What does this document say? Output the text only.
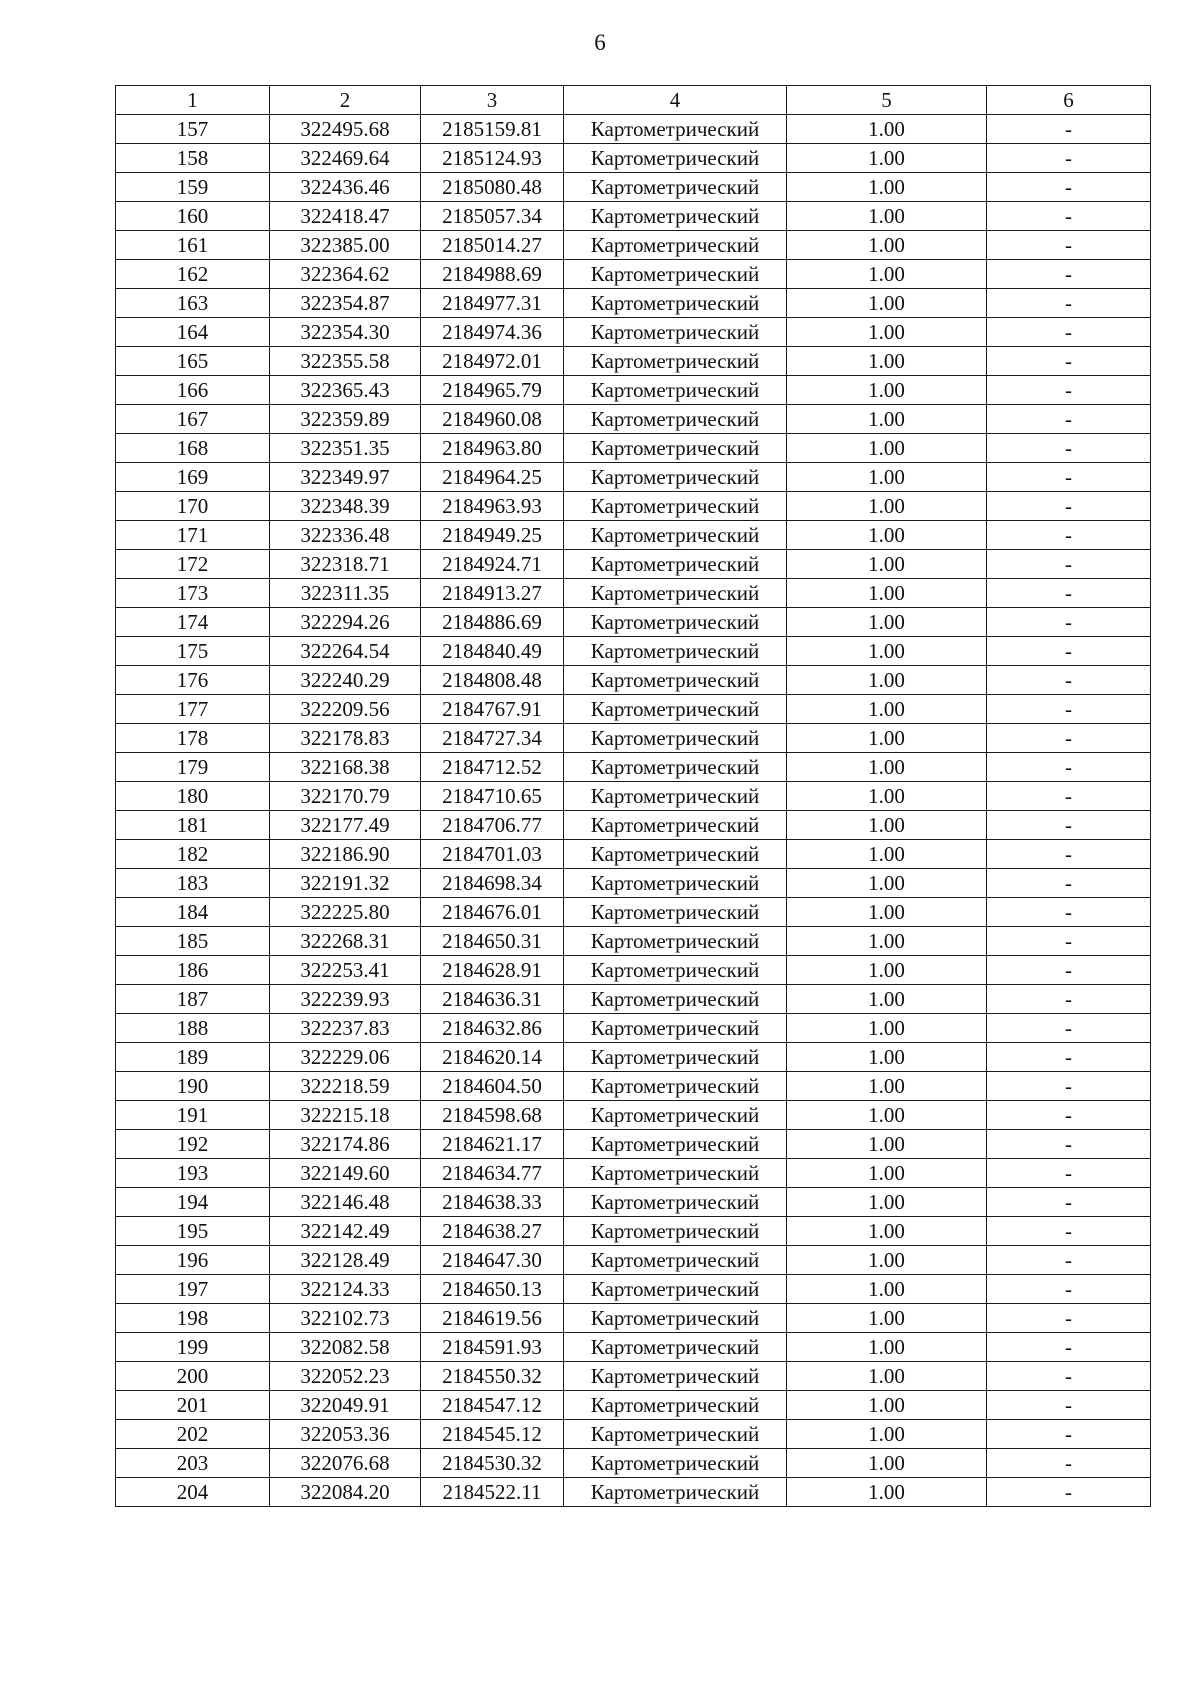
6
1	2	3	4	5	6
157	322495.68	2185159.81	Картометрический	1.00	-
158	322469.64	2185124.93	Картометрический	1.00	-
159	322436.46	2185080.48	Картометрический	1.00	-
160	322418.47	2185057.34	Картометрический	1.00	-
161	322385.00	2185014.27	Картометрический	1.00	-
162	322364.62	2184988.69	Картометрический	1.00	-
163	322354.87	2184977.31	Картометрический	1.00	-
164	322354.30	2184974.36	Картометрический	1.00	-
165	322355.58	2184972.01	Картометрический	1.00	-
166	322365.43	2184965.79	Картометрический	1.00	-
167	322359.89	2184960.08	Картометрический	1.00	-
168	322351.35	2184963.80	Картометрический	1.00	-
169	322349.97	2184964.25	Картометрический	1.00	-
170	322348.39	2184963.93	Картометрический	1.00	-
171	322336.48	2184949.25	Картометрический	1.00	-
172	322318.71	2184924.71	Картометрический	1.00	-
173	322311.35	2184913.27	Картометрический	1.00	-
174	322294.26	2184886.69	Картометрический	1.00	-
175	322264.54	2184840.49	Картометрический	1.00	-
176	322240.29	2184808.48	Картометрический	1.00	-
177	322209.56	2184767.91	Картометрический	1.00	-
178	322178.83	2184727.34	Картометрический	1.00	-
179	322168.38	2184712.52	Картометрический	1.00	-
180	322170.79	2184710.65	Картометрический	1.00	-
181	322177.49	2184706.77	Картометрический	1.00	-
182	322186.90	2184701.03	Картометрический	1.00	-
183	322191.32	2184698.34	Картометрический	1.00	-
184	322225.80	2184676.01	Картометрический	1.00	-
185	322268.31	2184650.31	Картометрический	1.00	-
186	322253.41	2184628.91	Картометрический	1.00	-
187	322239.93	2184636.31	Картометрический	1.00	-
188	322237.83	2184632.86	Картометрический	1.00	-
189	322229.06	2184620.14	Картометрический	1.00	-
190	322218.59	2184604.50	Картометрический	1.00	-
191	322215.18	2184598.68	Картометрический	1.00	-
192	322174.86	2184621.17	Картометрический	1.00	-
193	322149.60	2184634.77	Картометрический	1.00	-
194	322146.48	2184638.33	Картометрический	1.00	-
195	322142.49	2184638.27	Картометрический	1.00	-
196	322128.49	2184647.30	Картометрический	1.00	-
197	322124.33	2184650.13	Картометрический	1.00	-
198	322102.73	2184619.56	Картометрический	1.00	-
199	322082.58	2184591.93	Картометрический	1.00	-
200	322052.23	2184550.32	Картометрический	1.00	-
201	322049.91	2184547.12	Картометрический	1.00	-
202	322053.36	2184545.12	Картометрический	1.00	-
203	322076.68	2184530.32	Картометрический	1.00	-
204	322084.20	2184522.11	Картометрический	1.00	-
